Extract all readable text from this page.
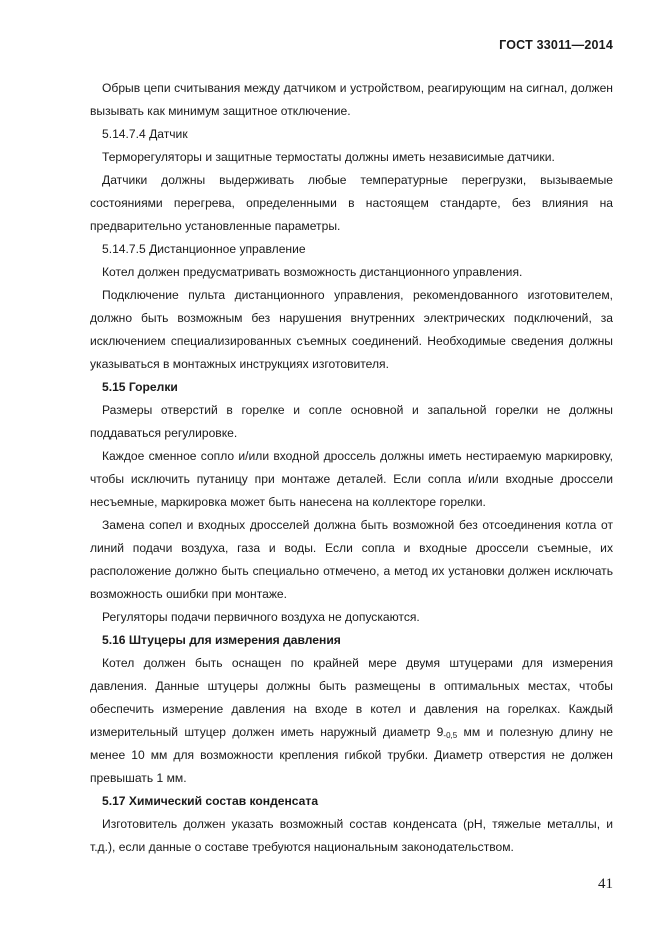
ГОСТ 33011—2014

Обрыв цепи считывания между датчиком и устройством, реагирующим на сигнал, должен вызывать как минимум защитное отключение.

5.14.7.4 Датчик

Терморегуляторы и защитные термостаты должны иметь независимые датчики.

Датчики должны выдерживать любые температурные перегрузки, вызываемые состояниями перегрева, определенными в настоящем стандарте, без влияния на предварительно установленные параметры.

5.14.7.5 Дистанционное управление

Котел должен предусматривать возможность дистанционного управления.

Подключение пульта дистанционного управления, рекомендованного изготовителем, должно быть возможным без нарушения внутренних электрических подключений, за исключением специализированных съемных соединений. Необходимые сведения должны указываться в монтажных инструкциях изготовителя.

5.15 Горелки

Размеры отверстий в горелке и сопле основной и запальной горелки не должны поддаваться регулировке.

Каждое сменное сопло и/или входной дроссель должны иметь нестираемую маркировку, чтобы исключить путаницу при монтаже деталей. Если сопла и/или входные дроссели несъемные, маркировка может быть нанесена на коллекторе горелки.

Замена сопел и входных дросселей должна быть возможной без отсоединения котла от линий подачи воздуха, газа и воды. Если сопла и входные дроссели съемные, их расположение должно быть специально отмечено, а метод их установки должен исключать возможность ошибки при монтаже.

Регуляторы подачи первичного воздуха не допускаются.

5.16 Штуцеры для измерения давления

Котел должен быть оснащен по крайней мере двумя штуцерами для измерения давления. Данные штуцеры должны быть размещены в оптимальных местах, чтобы обеспечить измерение давления на входе в котел и давления на горелках. Каждый измерительный штуцер должен иметь наружный диаметр $9_{-0,5}$ мм и полезную длину не менее 10 мм для возможности крепления гибкой трубки. Диаметр отверстия не должен превышать 1 мм.

5.17 Химический состав конденсата

Изготовитель должен указать возможный состав конденсата (pH, тяжелые металлы, и т.д.), если данные о составе требуются национальным законодательством.

41
